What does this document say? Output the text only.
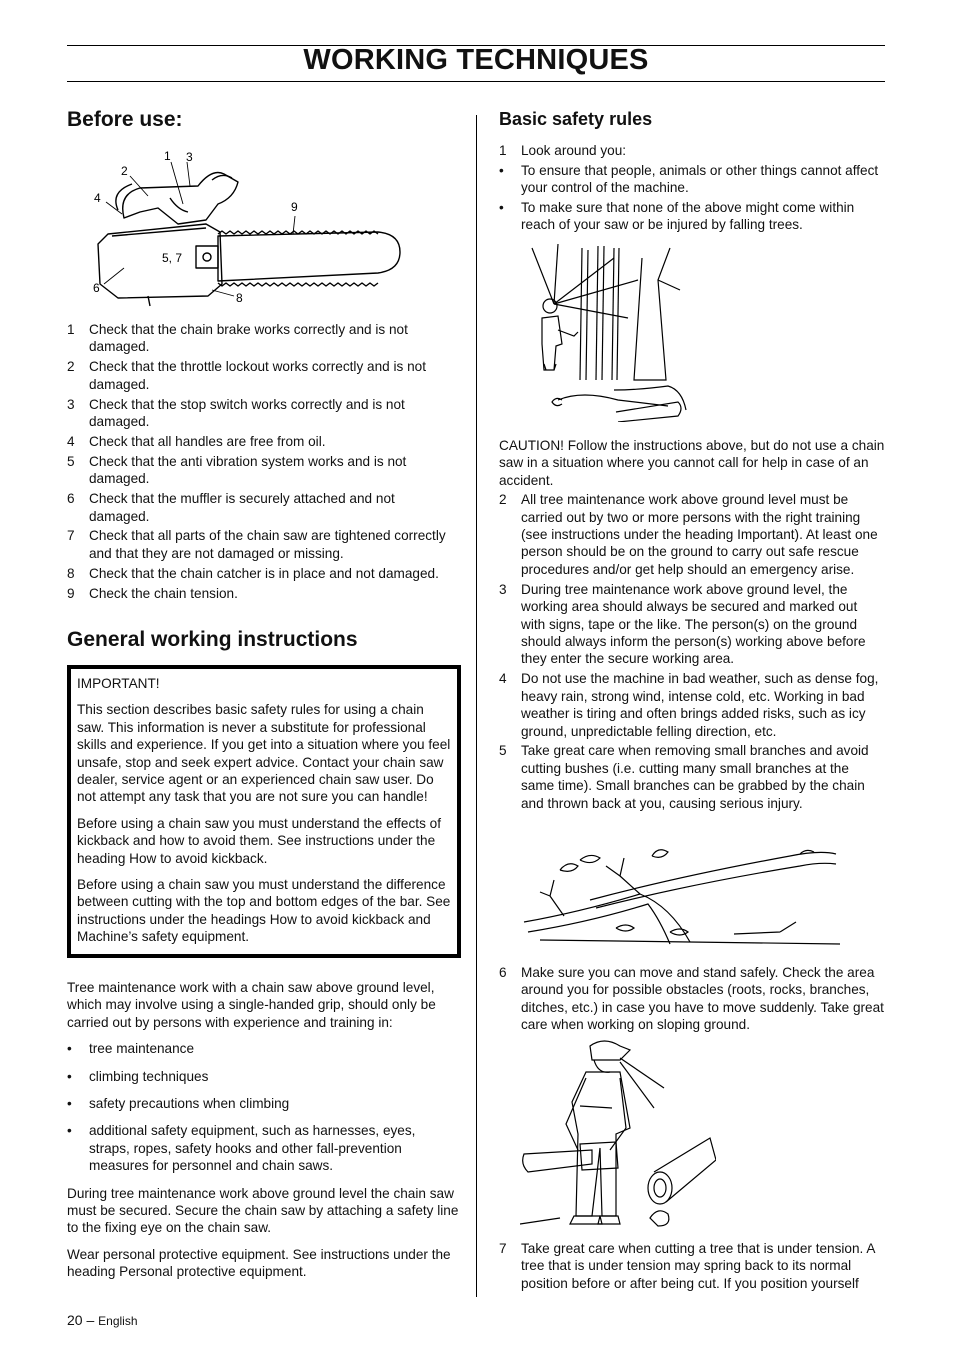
WORKING TECHNIQUES
Before use:
1 3
2
4
9
5, 7
6
8
1	Check that the chain brake works correctly and is not damaged.
2	Check that the throttle lockout works correctly and is not damaged.
3	Check that the stop switch works correctly and is not damaged.
4	Check that all handles are free from oil.
5	Check that the anti vibration system works and is not damaged.
6	Check that the muffler is securely attached and not damaged.
7	Check that all parts of the chain saw are tightened correctly and that they are not damaged or missing.
8	Check that the chain catcher is in place and not damaged.
9	Check the chain tension.
General working instructions
IMPORTANT!
This section describes basic safety rules for using a chain saw. This information is never a substitute for professional skills and experience. If you get into a situation where you feel unsafe, stop and seek expert advice. Contact your chain saw dealer, service agent or an experienced chain saw user. Do not attempt any task that you are not sure you can handle!
Before using a chain saw you must understand the effects of kickback and how to avoid them. See instructions under the heading How to avoid kickback.
Before using a chain saw you must understand the difference between cutting with the top and bottom edges of the bar. See instructions under the headings How to avoid kickback and Machine’s safety equipment.
Tree maintenance work with a chain saw above ground level, which may involve using a single-handed grip, should only be carried out by persons with experience and training in:
•	tree maintenance
•	climbing techniques
•	safety precautions when climbing
•	additional safety equipment, such as harnesses, eyes, straps, ropes, safety hooks and other fall-prevention measures for personnel and chain saws.
During tree maintenance work above ground level the chain saw must be secured. Secure the chain saw by attaching a safety line to the fixing eye on the chain saw.
Wear personal protective equipment. See instructions under the heading Personal protective equipment.
Basic safety rules
1	Look around you:
•	To ensure that people, animals or other things cannot affect your control of the machine.
•	To make sure that none of the above might come within reach of your saw or be injured by falling trees.
CAUTION! Follow the instructions above, but do not use a chain saw in a situation where you cannot call for help in case of an accident.
2	All tree maintenance work above ground level must be carried out by two or more persons with the right training (see instructions under the heading Important). At least one person should be on the ground to carry out safe rescue procedures and/or get help should an emergency arise.
3	During tree maintenance work above ground level, the working area should always be secured and marked out with signs, tape or the like. The person(s) on the ground should always inform the person(s) working above before they enter the secure working area.
4	Do not use the machine in bad weather, such as dense fog, heavy rain, strong wind, intense cold, etc. Working in bad weather is tiring and often brings added risks, such as icy ground, unpredictable felling direction, etc.
5	Take great care when removing small branches and avoid cutting bushes (i.e. cutting many small branches at the same time). Small branches can be grabbed by the chain and thrown back at you, causing serious injury.
6	Make sure you can move and stand safely. Check the area around you for possible obstacles (roots, rocks, branches, ditches, etc.) in case you have to move suddenly. Take great care when working on sloping ground.
7	Take great care when cutting a tree that is under tension. A tree that is under tension may spring back to its normal position before or after being cut. If you position yourself
20 – English
